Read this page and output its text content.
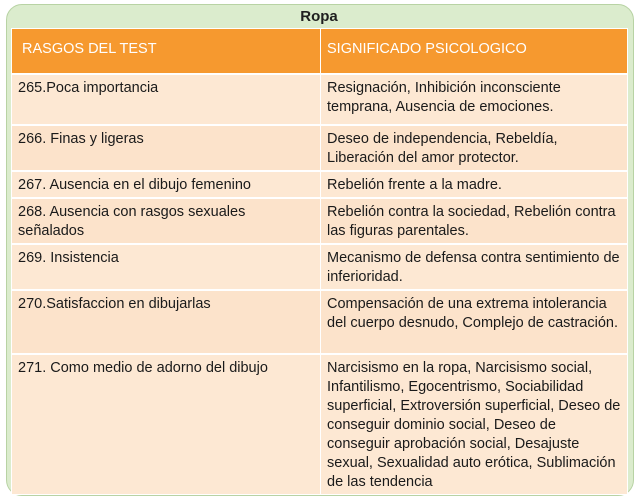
Ropa
RASGOS DEL TEST	SIGNIFICADO PSICOLOGICO
265.Poca importancia	Resignación, Inhibición inconsciente temprana, Ausencia de emociones.
266. Finas y ligeras	Deseo de independencia, Rebeldía, Liberación del amor protector.
267. Ausencia en el dibujo femenino	Rebelión frente a la madre.
268. Ausencia con rasgos sexuales señalados	Rebelión contra la sociedad, Rebelión contra las figuras parentales.
269. Insistencia	Mecanismo de defensa contra sentimiento de inferioridad.
270.Satisfaccion en dibujarlas	Compensación de una extrema intolerancia del cuerpo desnudo, Complejo de castración.
271. Como medio de adorno del dibujo	Narcisismo en la ropa, Narcisismo social, Infantilismo, Egocentrismo, Sociabilidad superficial, Extroversión superficial, Deseo de conseguir dominio social, Deseo de conseguir aprobación social, Desajuste sexual, Sexualidad auto erótica, Sublimación de las tendencia
